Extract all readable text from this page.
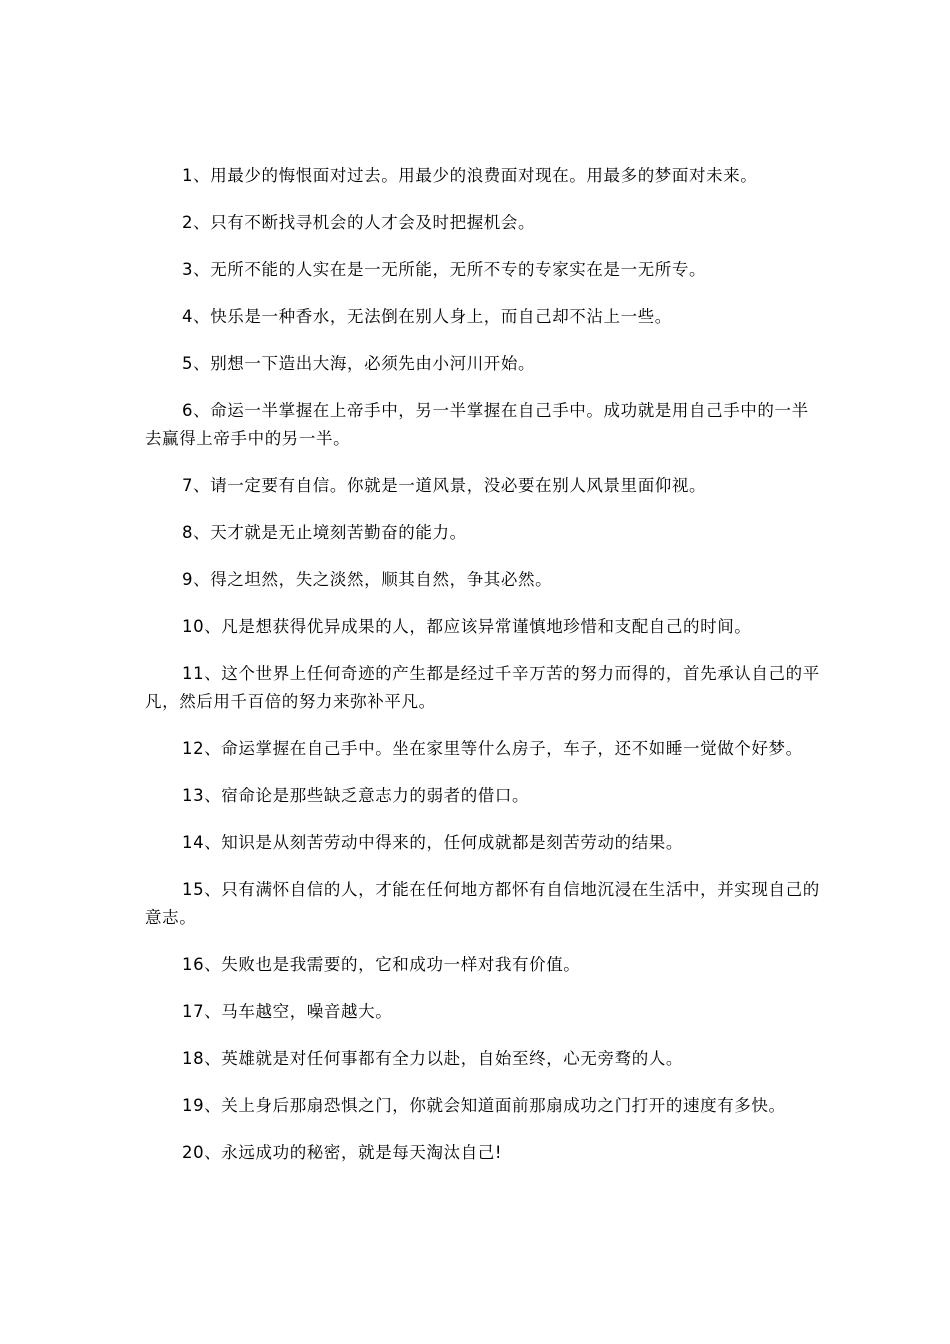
1、用最少的悔恨面对过去。用最少的浪费面对现在。用最多的梦面对未来。

2、只有不断找寻机会的人才会及时把握机会。

3、无所不能的人实在是一无所能，无所不专的专家实在是一无所专。

4、快乐是一种香水，无法倒在别人身上，而自己却不沾上一些。

5、别想一下造出大海，必须先由小河川开始。

6、命运一半掌握在上帝手中，另一半掌握在自己手中。成功就是用自己手中的一半去赢得上帝手中的另一半。

7、请一定要有自信。你就是一道风景，没必要在别人风景里面仰视。

8、天才就是无止境刻苦勤奋的能力。

9、得之坦然，失之淡然，顺其自然，争其必然。

10、凡是想获得优异成果的人，都应该异常谨慎地珍惜和支配自己的时间。

11、这个世界上任何奇迹的产生都是经过千辛万苦的努力而得的，首先承认自己的平凡，然后用千百倍的努力来弥补平凡。

12、命运掌握在自己手中。坐在家里等什么房子，车子，还不如睡一觉做个好梦。

13、宿命论是那些缺乏意志力的弱者的借口。

14、知识是从刻苦劳动中得来的，任何成就都是刻苦劳动的结果。

15、只有满怀自信的人，才能在任何地方都怀有自信地沉浸在生活中，并实现自己的意志。

16、失败也是我需要的，它和成功一样对我有价值。

17、马车越空，噪音越大。

18、英雄就是对任何事都有全力以赴，自始至终，心无旁骛的人。

19、关上身后那扇恐惧之门，你就会知道面前那扇成功之门打开的速度有多快。

20、永远成功的秘密，就是每天淘汰自己!
